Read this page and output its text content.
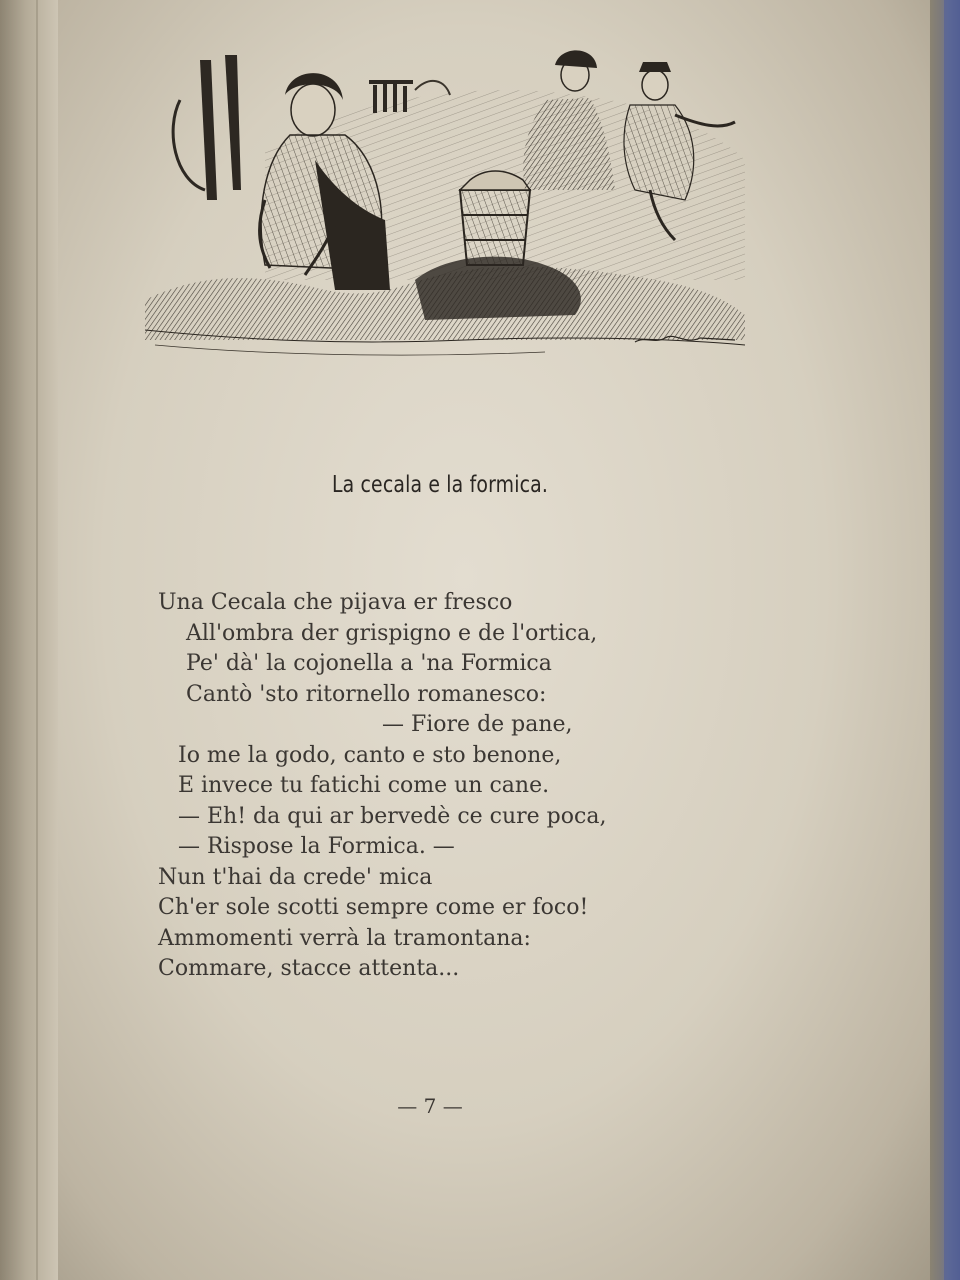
La cecala e la formica.
Una Cecala che pijava er fresco
All'ombra der grispigno e de l'ortica,
Pe' dà' la cojonella a 'na Formica
Cantò 'sto ritornello romanesco:
— Fiore de pane,
Io me la godo, canto e sto benone,
E invece tu fatichi come un cane.
— Eh! da qui ar bervedè ce cure poca,
— Rispose la Formica. —
Nun t'hai da crede' mica
Ch'er sole scotti sempre come er foco!
Ammomenti verrà la tramontana:
Commare, stacce attenta...
— 7 —
